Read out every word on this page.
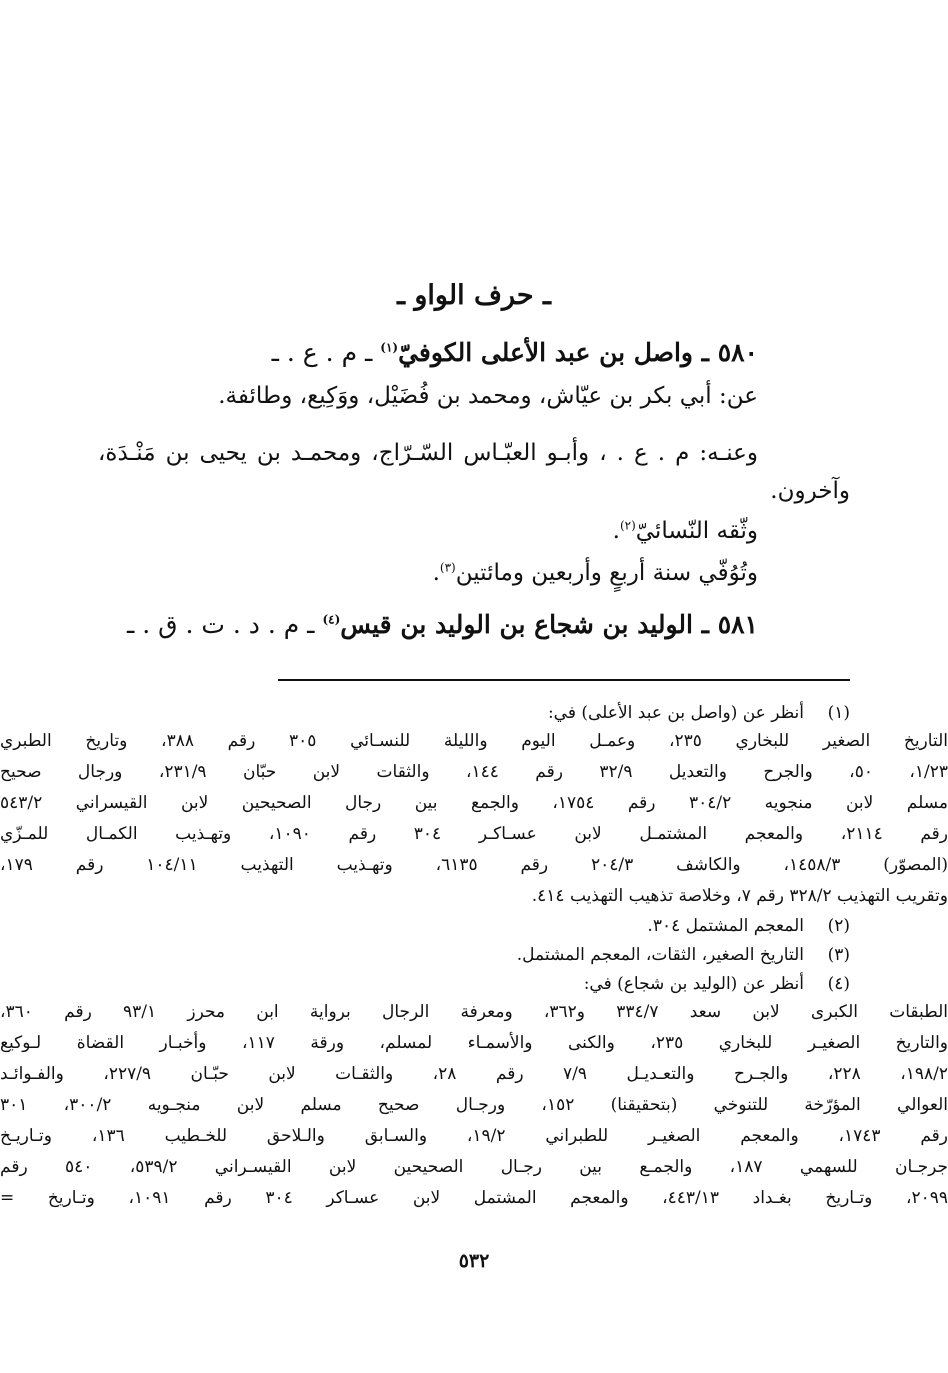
ـ حرف الواو ـ
٥٨٠ ـ واصل بن عبد الأعلى الكوفيّ$^{(١)}$ ـ م . ع . ـ
عن: أبي بكر بن عيّاش، ومحمد بن فُضَيْل، ووَكِيع، وطائفة.
وعنـه: م . ع . ، وأبـو العبّـاس السّـرّاج، ومحمـد بن يحيى بن مَنْـدَة،
وآخرون.
وثّقه النّسائيّ$^{(٢)}$.
وتُوُفّي سنة أربعٍ وأربعين ومائتين$^{(٣)}$.
٥٨١ ـ الوليد بن شجاع بن الوليد بن قيس$^{(٤)}$ ـ م . د . ت . ق . ـ
(١)
أنظر عن (واصل بن عبد الأعلى) في:
التاريخ الصغير للبخاري ٢٣٥، وعمـل اليوم والليلة للنسـائي ٣٠٥ رقم ٣٨٨، وتاريخ الطبري
١/٢٣، ٥٠، والجرح والتعديل ٣٢/٩ رقم ١٤٤، والثقات لابن حبّان ٢٣١/٩، ورجال صحيح
مسلم لابن منجويه ٣٠٤/٢ رقم ١٧٥٤، والجمع بين رجال الصحيحين لابن القيسراني ٥٤٣/٢
رقم ٢١١٤، والمعجم المشتمـل لابن عسـاكـر ٣٠٤ رقم ١٠٩٠، وتهـذيب الكمـال للمـزّي
(المصوّر) ١٤٥٨/٣، والكاشف ٢٠٤/٣ رقم ٦١٣٥، وتهـذيب التهذيب ١٠٤/١١ رقم ١٧٩،
وتقريب التهذيب ٣٢٨/٢ رقم ٧، وخلاصة تذهيب التهذيب ٤١٤.
(٢)
المعجم المشتمل ٣٠٤.
(٣)
التاريخ الصغير، الثقات، المعجم المشتمل.
(٤)
أنظر عن (الوليد بن شجاع) في:
الطبقات الكبرى لابن سعد ٣٣٤/٧ و٣٦٢، ومعرفة الرجال برواية ابن محرز ٩٣/١ رقم ٣٦٠،
والتاريخ الصغيـر للبخاري ٢٣٥، والكنى والأسمـاء لمسلم، ورقة ١١٧، وأخبـار القضاة لـوكيع
١٩٨/٢، ٢٢٨، والجـرح والتعـديـل ٧/٩ رقم ٢٨، والثقـات لابن حبّـان ٢٢٧/٩، والفـوائـد
العوالي المؤرّخة للتنوخي (بتحقيقنا) ١٥٢، ورجـال صحيح مسلم لابن منجـويه ٣٠٠/٢، ٣٠١
رقم ١٧٤٣، والمعجم الصغيـر للطبراني ١٩/٢، والسـابق والـلاحق للخـطيب ١٣٦، وتـاريـخ
جرجـان للسهمي ١٨٧، والجمـع بين رجـال الصحيحين لابن القيسـراني ٥٣٩/٢، ٥٤٠ رقم
٢٠٩٩، وتـاريخ بغـداد ٤٤٣/١٣، والمعجم المشتمل لابن عسـاكر ٣٠٤ رقم ١٠٩١، وتـاريخ =
٥٣٢
